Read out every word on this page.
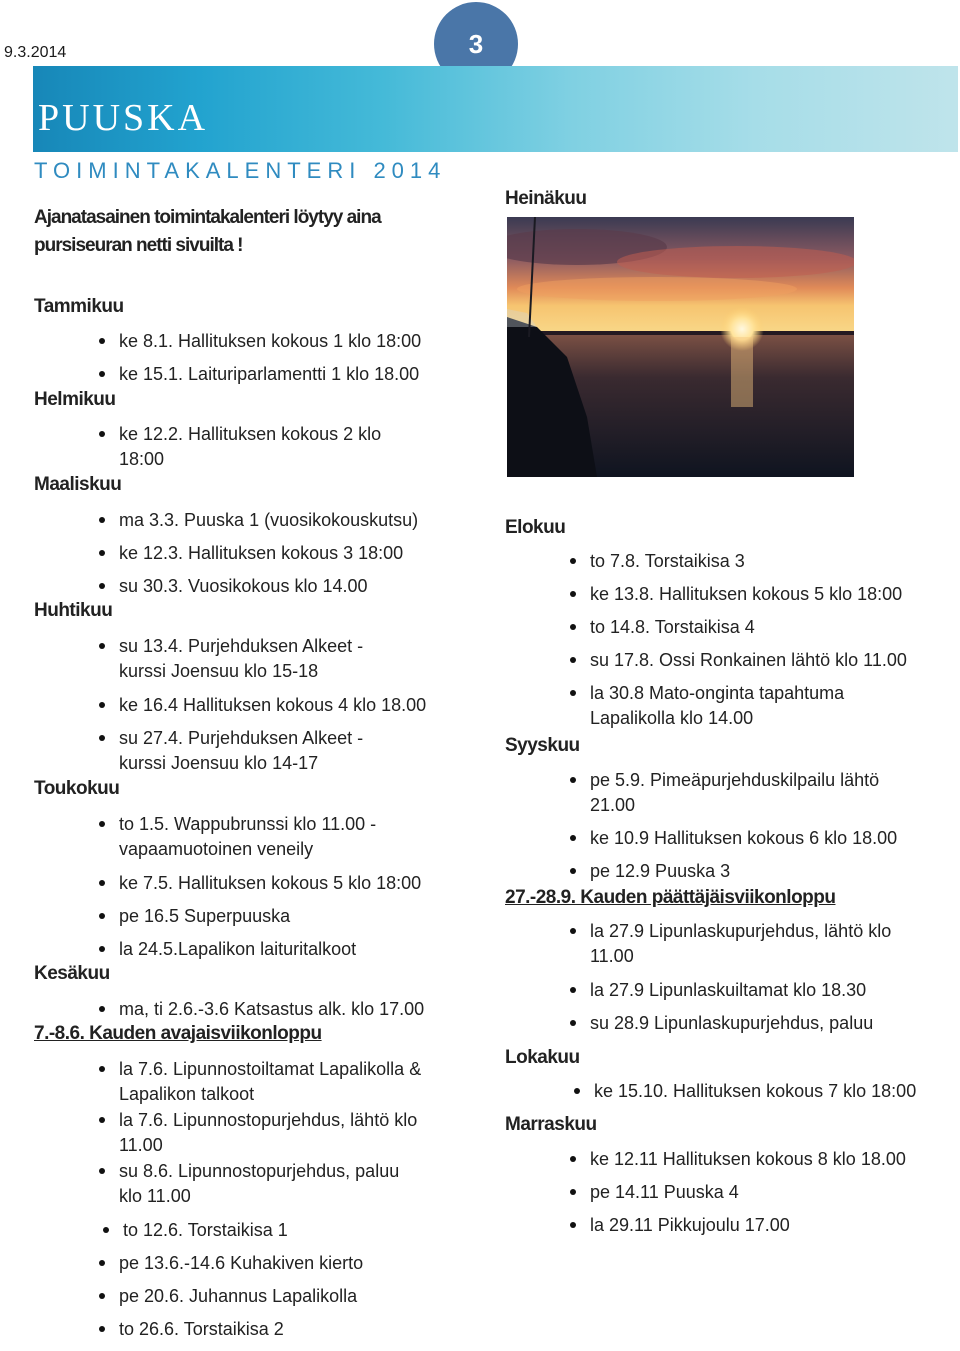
9.3.2014	3
PUUSKA
TOIMINTAKALENTERI 2014
Ajanatasainen toimintakalenteri löytyy aina pursiseuran netti sivuilta !
Tammikuu
ke 8.1. Hallituksen kokous 1 klo 18:00
ke 15.1. Laituriparlamentti 1 klo 18.00
Helmikuu
ke 12.2. Hallituksen kokous 2 klo 18:00
Maaliskuu
ma 3.3. Puuska 1 (vuosikokouskutsu)
ke 12.3. Hallituksen kokous 3 18:00
su 30.3. Vuosikokous klo 14.00
Huhtikuu
su 13.4. Purjehduksen Alkeet -kurssi Joensuu klo 15-18
ke 16.4 Hallituksen kokous 4 klo 18.00
su 27.4. Purjehduksen Alkeet -kurssi Joensuu klo 14-17
Toukokuu
to 1.5. Wappubrunssi klo 11.00 - vapaamuotoinen veneily
ke 7.5. Hallituksen kokous 5 klo 18:00
pe 16.5 Superpuuska
la 24.5.Lapalikon laituritalkoot
Kesäkuu
ma, ti 2.6.-3.6 Katsastus alk. klo 17.00
7.-8.6. Kauden avajaisviikonloppu
la 7.6. Lipunnostoiltamat Lapalikolla & Lapalikon talkoot
la 7.6. Lipunnostopurjehdus, lähtö klo 11.00
su 8.6. Lipunnostopurjehdus, paluu klo 11.00
to 12.6. Torstaikisa 1
pe 13.6.-14.6 Kuhakiven kierto
pe 20.6. Juhannus Lapalikolla
to 26.6. Torstaikisa 2
Heinäkuu
Elokuu
to 7.8. Torstaikisa 3
ke 13.8. Hallituksen kokous 5 klo 18:00
to 14.8. Torstaikisa 4
su 17.8. Ossi Ronkainen lähtö klo 11.00
la 30.8 Mato-onginta tapahtuma Lapalikolla klo 14.00
Syyskuu
pe 5.9. Pimeäpurjehduskilpailu lähtö 21.00
ke 10.9 Hallituksen kokous 6 klo 18.00
pe 12.9 Puuska 3
27.-28.9. Kauden päättäjäisviikonloppu
la 27.9 Lipunlaskupurjehdus, lähtö klo 11.00
la 27.9 Lipunlaskuiltamat klo 18.30
su 28.9 Lipunlaskupurjehdus, paluu
Lokakuu
ke 15.10. Hallituksen kokous 7 klo 18:00
Marraskuu
ke 12.11 Hallituksen kokous 8 klo 18.00
pe 14.11 Puuska 4
la 29.11 Pikkujoulu 17.00
